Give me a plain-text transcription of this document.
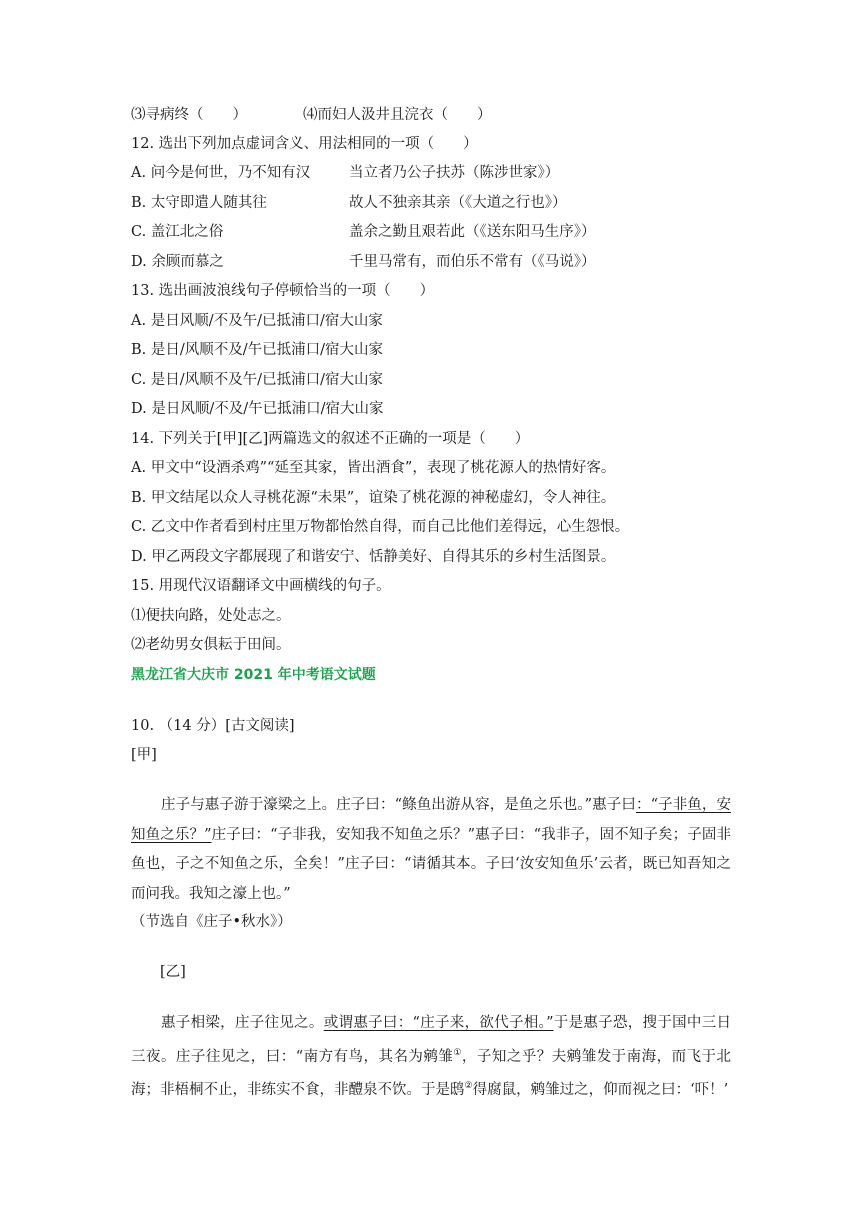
⑶寻病终（　　）	⑷而妇人汲井且浣衣（　　）
12. 选出下列加点虚词含义、用法相同的一项（　　）
A. 问今是何世，乃不知有汉	当立者乃公子扶苏（陈涉世家》）
B. 太守即遣人随其往	故人不独亲其亲（《大道之行也》）
C. 盖江北之俗	盖余之勤且艰若此（《送东阳马生序》）
D. 余顾而慕之	千里马常有，而伯乐不常有（《马说》）
13. 选出画波浪线句子停顿恰当的一项（　　）
A. 是日风顺/不及午/已抵浦口/宿大山家
B. 是日/风顺不及/午已抵浦口/宿大山家
C. 是日/风顺不及午/已抵浦口/宿大山家
D. 是日风顺/不及/午已抵浦口/宿大山家
14. 下列关于[甲][乙]两篇选文的叙述不正确的一项是（　　）
A. 甲文中“设酒杀鸡”“延至其家，皆出酒食”，表现了桃花源人的热情好客。
B. 甲文结尾以众人寻桃花源“未果”，谊染了桃花源的神秘虚幻，令人神往。
C. 乙文中作者看到村庄里万物都怡然自得，而自己比他们差得远，心生怨恨。
D. 甲乙两段文字都展现了和谐安宁、恬静美好、自得其乐的乡村生活图景。
15. 用现代汉语翻译文中画横线的句子。
⑴便扶向路，处处志之。
⑵老幼男女俱耘于田间。
黑龙江省大庆市 2021 年中考语文试题
10. （14 分）[古文阅读]
[甲]
庄子与惠子游于濠梁之上。庄子曰：“鲦鱼出游从容，是鱼之乐也。”惠子曰：“子非鱼，安知鱼之乐？”庄子曰：“子非我，安知我不知鱼之乐？”惠子曰：“我非子，固不知子矣；子固非鱼也，子之不知鱼之乐，全矣！”庄子曰：“请循其本。子曰‘汝安知鱼乐’云者，既已知吾知之而问我。我知之濠上也。”
（节选自《庄子•秋水》）
[乙]
惠子相梁，庄子往见之。或谓惠子曰：“庄子来，欲代子相。”于是惠子恐，搜于国中三日三夜。庄子往见之，曰：“南方有鸟，其名为鹓雏①，子知之乎？夫鹓雏发于南海，而飞于北海；非梧桐不止，非练实不食，非醴泉不饮。于是鸱②得腐鼠，鹓雏过之，仰而视之曰：‘吓！’
